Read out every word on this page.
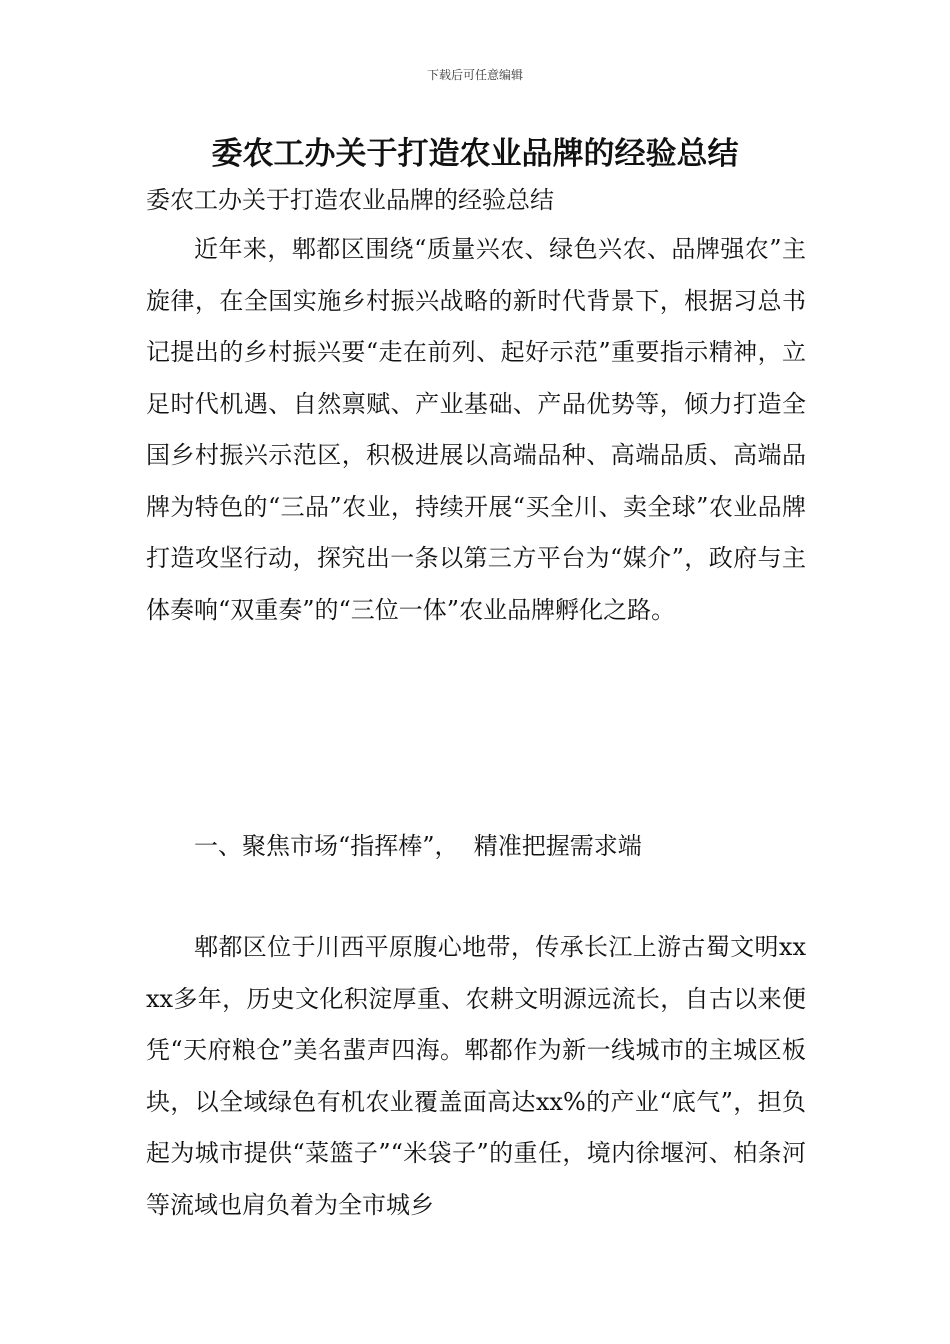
下载后可任意编辑
委农工办关于打造农业品牌的经验总结

委农工办关于打造农业品牌的经验总结

近年来，郫都区围绕“质量兴农、绿色兴农、品牌强农”主旋律，在全国实施乡村振兴战略的新时代背景下，根据习总书记提出的乡村振兴要“走在前列、起好示范”重要指示精神，立足时代机遇、自然禀赋、产业基础、产品优势等，倾力打造全国乡村振兴示范区，积极进展以高端品种、高端品质、高端品牌为特色的“三品”农业，持续开展“买全川、卖全球”农业品牌打造攻坚行动，探究出一条以第三方平台为“媒介”，政府与主体奏响“双重奏”的“三位一体”农业品牌孵化之路。

一、聚焦市场“指挥棒”，  精准把握需求端

郫都区位于川西平原腹心地带，传承长江上游古蜀文明xxxx多年，历史文化积淀厚重、农耕文明源远流长，自古以来便凭“天府粮仓”美名蜚声四海。郫都作为新一线城市的主城区板块，以全域绿色有机农业覆盖面高达xx%的产业“底气”，担负起为城市提供“菜篮子”“米袋子”的重任，境内徐堰河、柏条河等流域也肩负着为全市城乡
